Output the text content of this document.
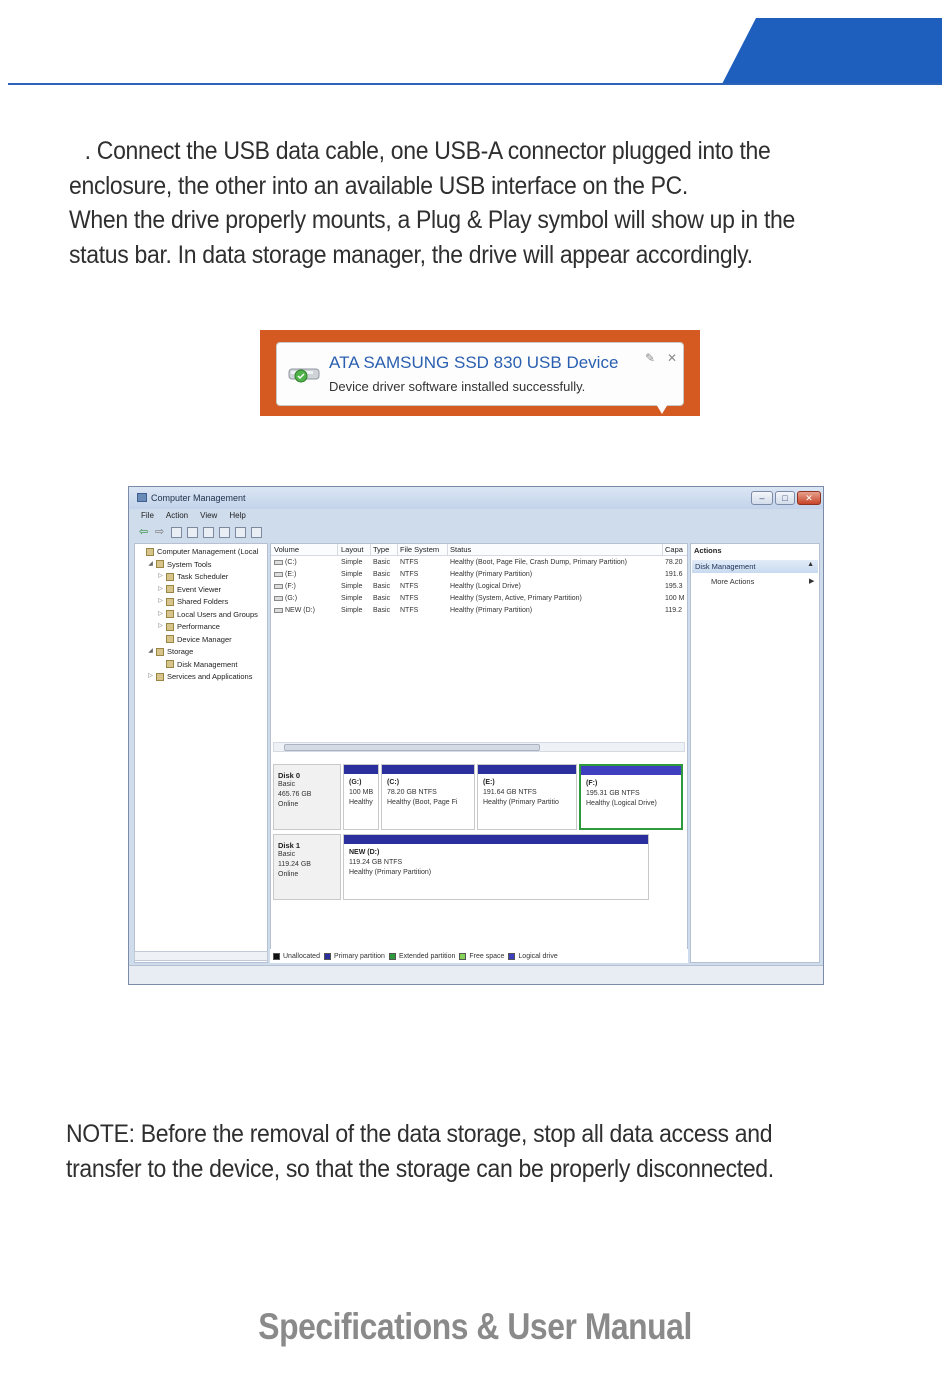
. Connect the USB data cable, one USB-A connector plugged into the
enclosure, the other into an available USB interface on the PC.
When the drive properly mounts, a Plug & Play symbol will show up in the
status bar. In data storage manager, the drive will appear accordingly.
ATA SAMSUNG SSD 830 USB Device
Device driver software installed successfully.
✎ ✕
Computer Management	–	□	✕
File Action View Help
⇦ ⇨
Computer Management (Local
◢ System Tools
▷ Task Scheduler
▷ Event Viewer
▷ Shared Folders
▷ Local Users and Groups
▷ Performance
Device Manager
◢ Storage
Disk Management
▷ Services and Applications
Volume	Layout Type File System Status	Capa
(C:)	Simple Basic NTFS	Healthy (Boot, Page File, Crash Dump, Primary Partition)	78.20
(E:)	Simple Basic NTFS	Healthy (Primary Partition)	191.6
(F:)	Simple Basic NTFS	Healthy (Logical Drive)	195.3
(G:)	Simple Basic NTFS	Healthy (System, Active, Primary Partition)	100 M
NEW (D:)	Simple Basic NTFS	Healthy (Primary Partition)	119.2
Disk 0
Basic
465.76 GB
Online
(G:)
100 MB
Healthy
(C:)
78.20 GB NTFS
Healthy (Boot, Page Fi
(E:)
191.64 GB NTFS
Healthy (Primary Partitio
(F:)
195.31 GB NTFS
Healthy (Logical Drive)
Disk 1
Basic
119.24 GB
Online
NEW (D:)
119.24 GB NTFS
Healthy (Primary Partition)
Unallocated Primary partition Extended partition Free space Logical drive
Actions
Disk Management	▲
More Actions	▶
NOTE: Before the removal of the data storage, stop all data access and
transfer to the device, so that the storage can be properly disconnected.
Specifications & User Manual
